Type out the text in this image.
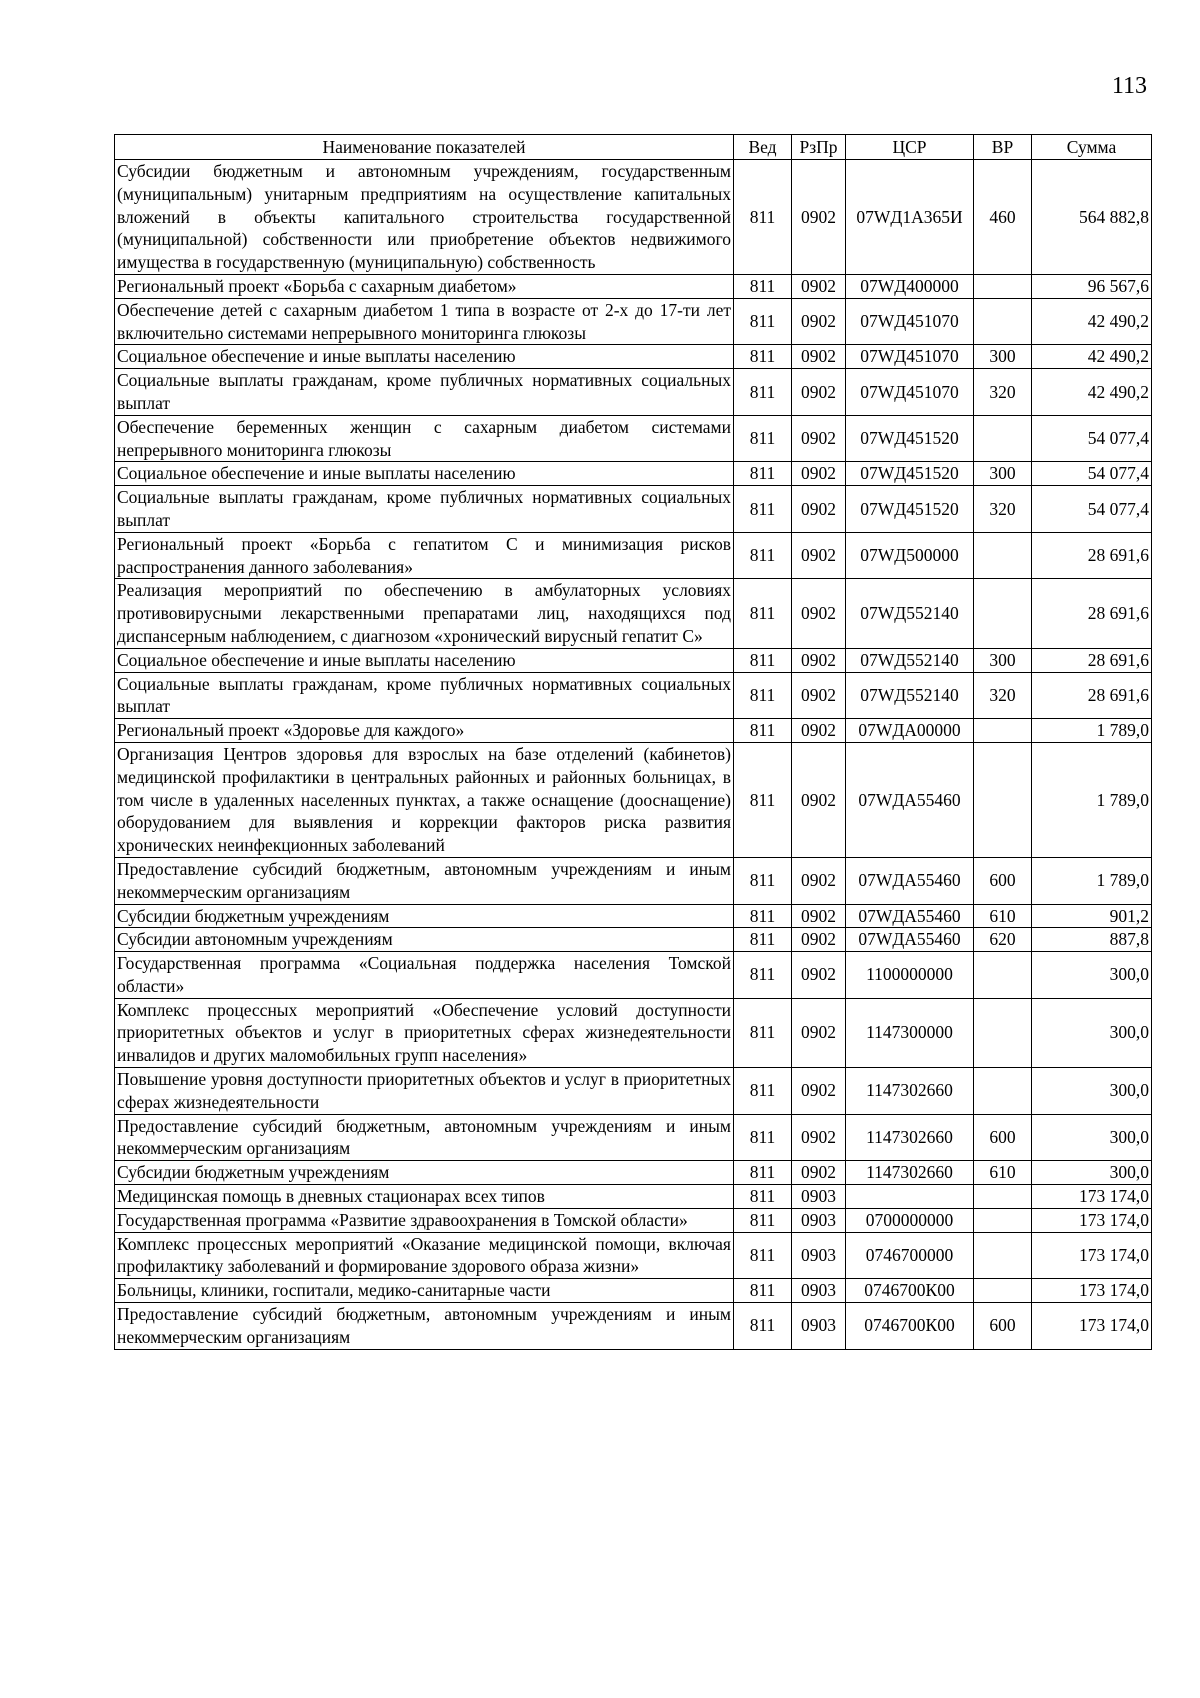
113
Наименование показателей	Вед	РзПр	ЦСР	ВР	Сумма
Субсидии бюджетным и автономным учреждениям, государственным (муниципальным) унитарным предприятиям на осуществление капитальных вложений в объекты капитального строительства государственной (муниципальной) собственности или приобретение объектов недвижимого имущества в государственную (муниципальную) собственность	811	0902	07WД1А365И	460	564 882,8
Региональный проект «Борьба с сахарным диабетом»	811	0902	07WД400000		96 567,6
Обеспечение детей с сахарным диабетом 1 типа в возрасте от 2-х до 17-ти лет включительно системами непрерывного мониторинга глюкозы	811	0902	07WД451070		42 490,2
Социальное обеспечение и иные выплаты населению	811	0902	07WД451070	300	42 490,2
Социальные выплаты гражданам, кроме публичных нормативных социальных выплат	811	0902	07WД451070	320	42 490,2
Обеспечение беременных женщин с сахарным диабетом системами непрерывного мониторинга глюкозы	811	0902	07WД451520		54 077,4
Социальное обеспечение и иные выплаты населению	811	0902	07WД451520	300	54 077,4
Социальные выплаты гражданам, кроме публичных нормативных социальных выплат	811	0902	07WД451520	320	54 077,4
Региональный проект «Борьба с гепатитом С и минимизация рисков распространения данного заболевания»	811	0902	07WД500000		28 691,6
Реализация мероприятий по обеспечению в амбулаторных условиях противовирусными лекарственными препаратами лиц, находящихся под диспансерным наблюдением, с диагнозом «хронический вирусный гепатит С»	811	0902	07WД552140		28 691,6
Социальное обеспечение и иные выплаты населению	811	0902	07WД552140	300	28 691,6
Социальные выплаты гражданам, кроме публичных нормативных социальных выплат	811	0902	07WД552140	320	28 691,6
Региональный проект «Здоровье для каждого»	811	0902	07WДА00000		1 789,0
Организация Центров здоровья для взрослых на базе отделений (кабинетов) медицинской профилактики в центральных районных и районных больницах, в том числе в удаленных населенных пунктах, а также оснащение (дооснащение) оборудованием для выявления и коррекции факторов риска развития хронических неинфекционных заболеваний	811	0902	07WДА55460		1 789,0
Предоставление субсидий бюджетным, автономным учреждениям и иным некоммерческим организациям	811	0902	07WДА55460	600	1 789,0
Субсидии бюджетным учреждениям	811	0902	07WДА55460	610	901,2
Субсидии автономным учреждениям	811	0902	07WДА55460	620	887,8
Государственная программа «Социальная поддержка населения Томской области»	811	0902	1100000000		300,0
Комплекс процессных мероприятий «Обеспечение условий доступности приоритетных объектов и услуг в приоритетных сферах жизнедеятельности инвалидов и других маломобильных групп населения»	811	0902	1147300000		300,0
Повышение уровня доступности приоритетных объектов и услуг в приоритетных сферах жизнедеятельности	811	0902	1147302660		300,0
Предоставление субсидий бюджетным, автономным учреждениям и иным некоммерческим организациям	811	0902	1147302660	600	300,0
Субсидии бюджетным учреждениям	811	0902	1147302660	610	300,0
Медицинская помощь в дневных стационарах всех типов	811	0903			173 174,0
Государственная программа «Развитие здравоохранения в Томской области»	811	0903	0700000000		173 174,0
Комплекс процессных мероприятий «Оказание медицинской помощи, включая профилактику заболеваний и формирование здорового образа жизни»	811	0903	0746700000		173 174,0
Больницы, клиники, госпитали, медико-санитарные части	811	0903	0746700К00		173 174,0
Предоставление субсидий бюджетным, автономным учреждениям и иным некоммерческим организациям	811	0903	0746700К00	600	173 174,0
